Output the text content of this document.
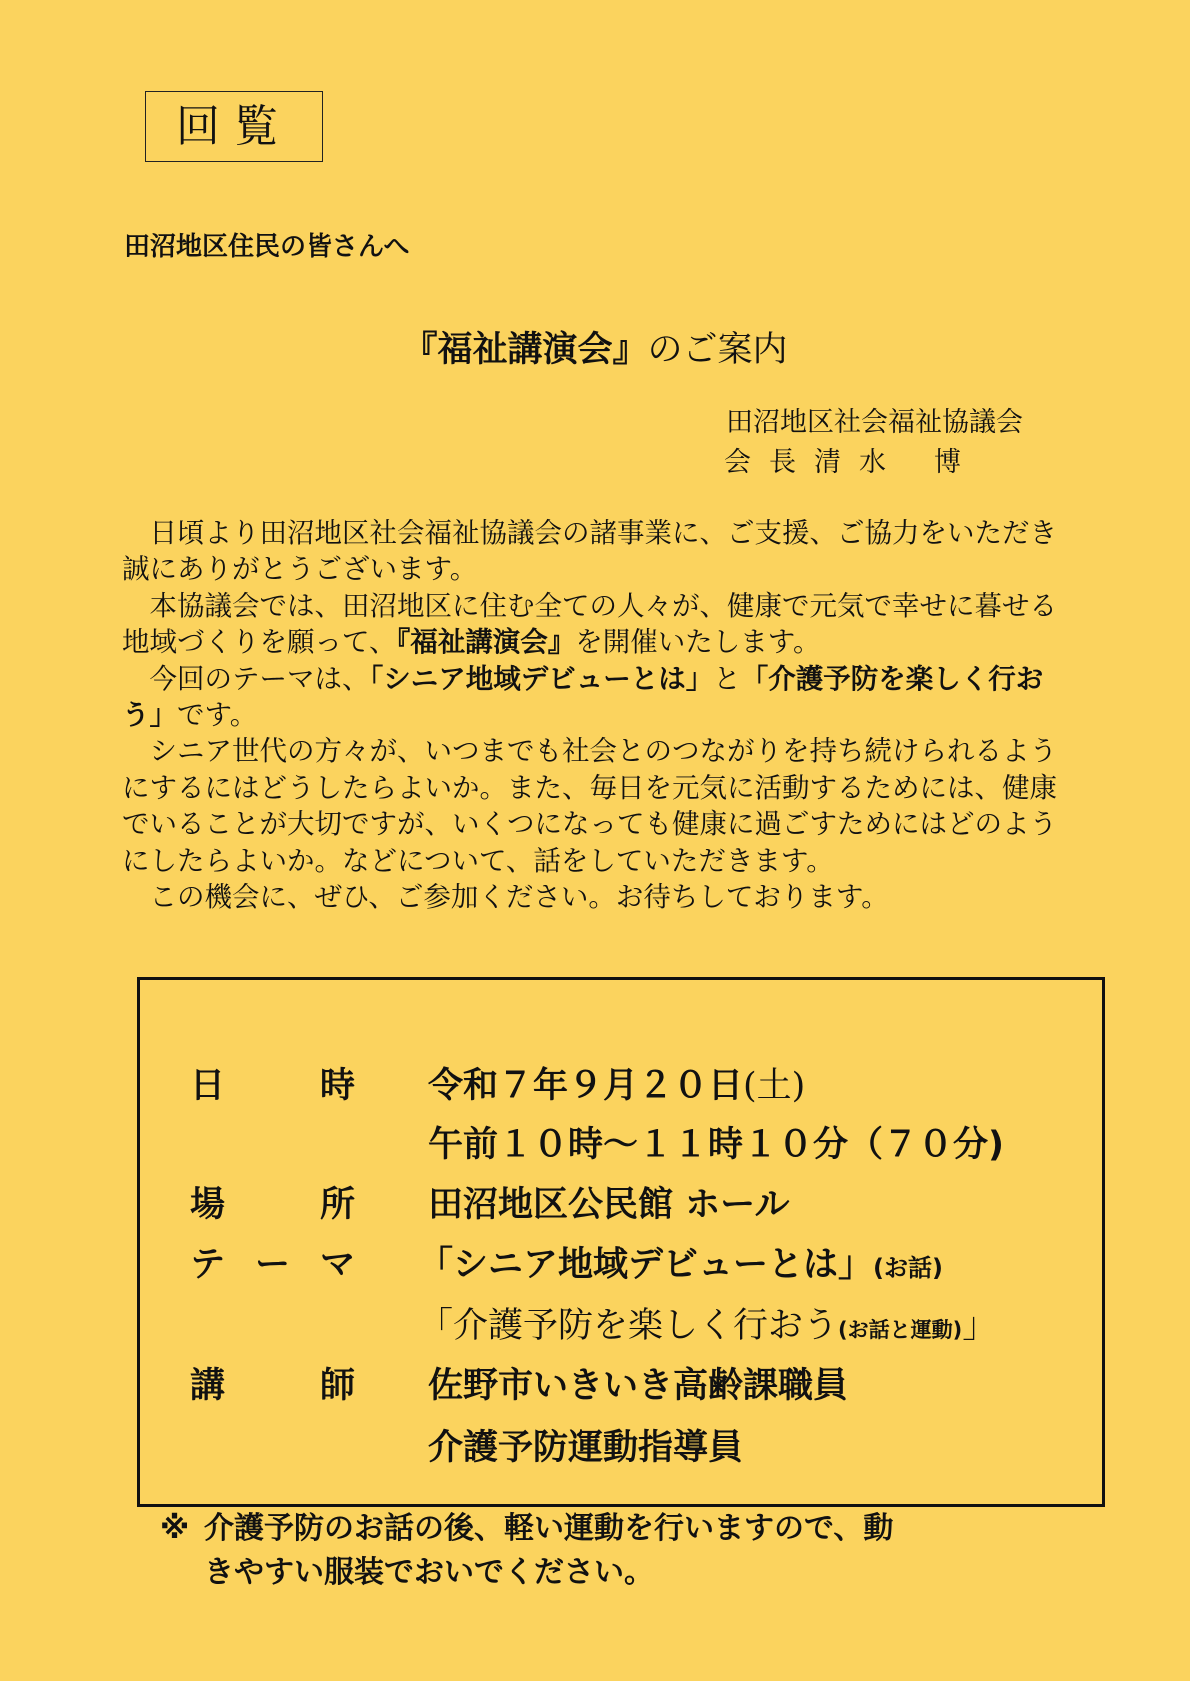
回覧
田沼地区住民の皆さんへ
『福祉講演会』のご案内
田沼地区社会福祉協議会
会 長 清 水 博

日頃より田沼地区社会福祉協議会の諸事業に、ご支援、ご協力をいただき誠にありがとうございます。

本協議会では、田沼地区に住む全ての人々が、健康で元気で幸せに暮せる地域づくりを願って、『福祉講演会』を開催いたします。

今回のテーマは、「シニア地域デビューとは」と「介護予防を楽しく行おう」です。

シニア世代の方々が、いつまでも社会とのつながりを持ち続けられるようにするにはどうしたらよいか。また、毎日を元気に活動するためには、健康でいることが大切ですが、いくつになっても健康に過ごすためにはどのようにしたらよいか。などについて、話をしていただきます。

この機会に、ぜひ、ご参加ください。お待ちしております。

日時 令和７年９月２０日(土)
午前１０時～１１時１０分（７０分)
場所 田沼地区公民館 ホール
テーマ 「シニア地域デビューとは」(お話)
「介護予防を楽しく行おう(お話と運動)」
講師 佐野市いきいき高齢課職員
介護予防運動指導員
※ 介護予防のお話の後、軽い運動を行いますので、動
きやすい服装でおいでください。
